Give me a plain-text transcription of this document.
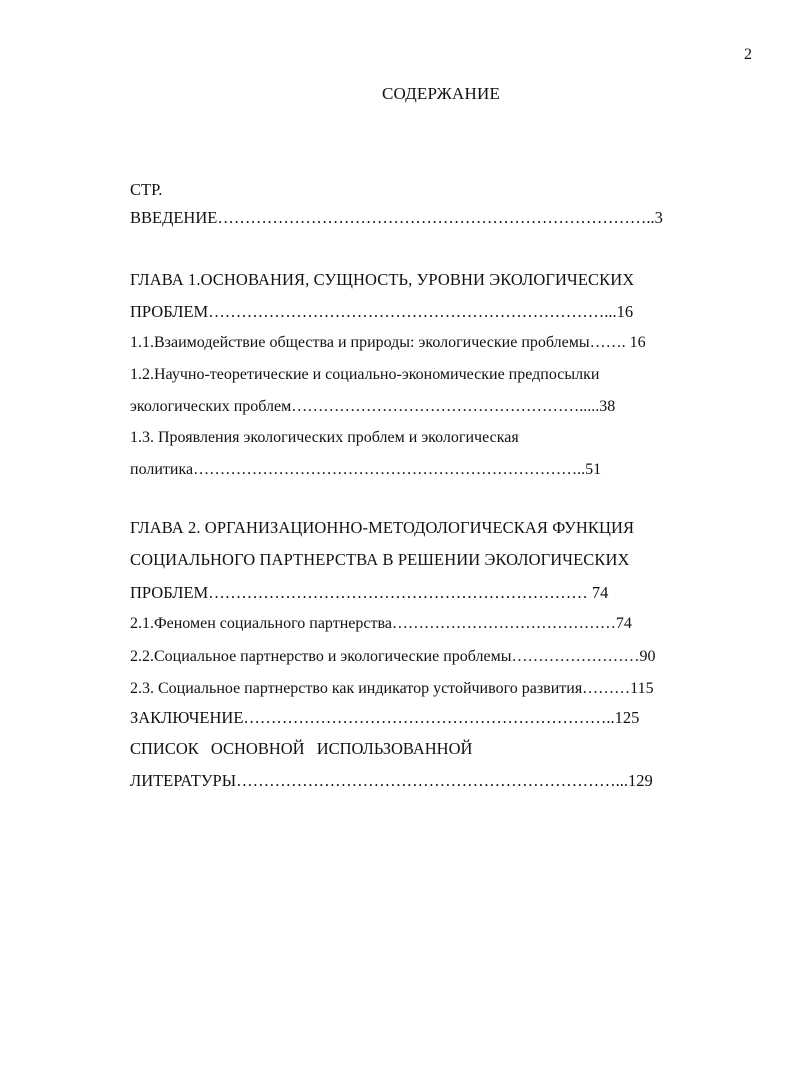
2
СОДЕРЖАНИЕ
СТР.
ВВЕДЕНИЕ……………………………………………………………………..3
ГЛАВА 1.ОСНОВАНИЯ, СУЩНОСТЬ, УРОВНИ ЭКОЛОГИЧЕСКИХ
ПРОБЛЕМ………………………………………………………………...16
1.1.Взаимодействие общества и природы: экологические проблемы……. 16
1.2.Научно-теоретические и социально-экономические предпосылки
экологических проблем……………………………………………….....38
1.3. Проявления экологических проблем и экологическая
политика………………………………………………………………..51
ГЛАВА 2. ОРГАНИЗАЦИОННО-МЕТОДОЛОГИЧЕСКАЯ ФУНКЦИЯ
СОЦИАЛЬНОГО ПАРТНЕРСТВА В РЕШЕНИИ ЭКОЛОГИЧЕСКИХ
ПРОБЛЕМ…………………………………………………………… 74
2.1.Феномен социального партнерства……………………………………74
2.2.Социальное партнерство и экологические проблемы……………………90
2.3. Социальное партнерство как индикатор устойчивого развития………115
ЗАКЛЮЧЕНИЕ…………………………………………………………..125
СПИСОК ОСНОВНОЙ ИСПОЛЬЗОВАННОЙ
ЛИТЕРАТУРЫ……………………………………………………………...129
